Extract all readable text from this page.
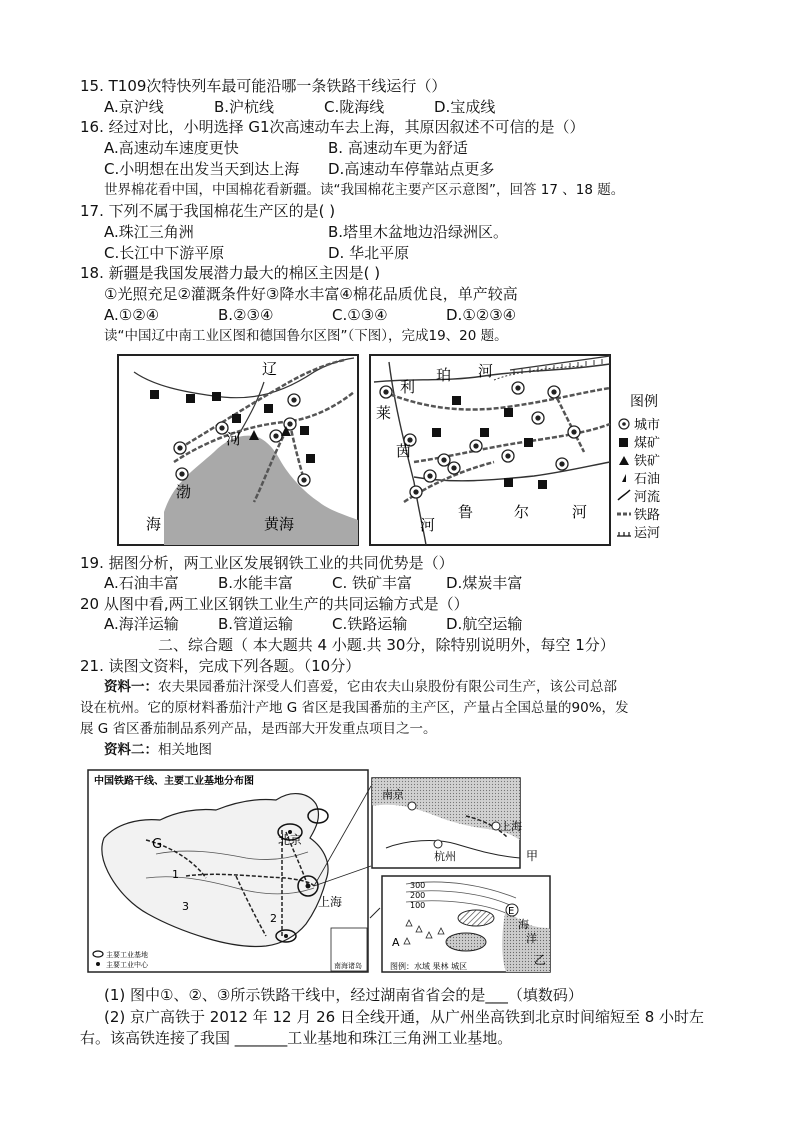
15. T109次特快列车最可能沿哪一条铁路干线运行（）
A.京沪线	B.沪杭线	C.陇海线	D.宝成线
16. 经过对比，小明选择 G1次高速动车去上海，其原因叙述不可信的是（）
A.高速动车速度更快	B. 高速动车更为舒适
C.小明想在出发当天到达上海 D.高速动车停靠站点更多
世界棉花看中国，中国棉花看新疆。读“我国棉花主要产区示意图”，回答 17 、18 题。
17. 下列不属于我国棉花生产区的是( )
A.珠江三角洲	B.塔里木盆地边沿绿洲区。
C.长江中下游平原	D. 华北平原
18. 新疆是我国发展潜力最大的棉区主因是( )
①光照充足②灌溉条件好③降水丰富④棉花品质优良，单产较高
A.①②④	B.②③④	C.①③④	D.①②③④
读“中国辽中南工业区图和德国鲁尔区图”（下图），完成19、20 题。
辽
河
渤
海	黄海
利
珀 河
莱
茵
河
鲁	尔	河
图例
城市
煤矿
铁矿
石油
河流
铁路
运河
19. 据图分析，两工业区发展钢铁工业的共同优势是（）
A.石油丰富	B.水能丰富	C. 铁矿丰富	D.煤炭丰富
20 从图中看,两工业区钢铁工业生产的共同运输方式是（）
A.海洋运输	B.管道运输	C.铁路运输	D.航空运输
二、综合题（ 本大题共 4 小题.共 30分，除特别说明外，每空 1分）
21. 读图文资料，完成下列各题。（10分）
资料一：农夫果园番茄汁深受人们喜爱，它由农夫山泉股份有限公司生产，该公司总部
设在杭州。它的原材料番茄汁产地 G 省区是我国番茄的主产区，产量占全国总量的90%，发
展 G 省区番茄制品系列产品，是西部大开发重点项目之一。
资料二：相关地图
中国铁路干线、主要工业基地分布图
G	北京
上海
1
2
3
主要工业基地
主要工业中心	南海诸岛
南京
上海
杭州	甲
300
200
100
E
海
洋
A
乙
图例：水域 果林 城区
(1) 图中①、②、③所示铁路干线中，经过湖南省省会的是___（填数码）
(2) 京广高铁于 2012 年 12 月 26 日全线开通，从广州坐高铁到北京时间缩短至 8 小时左
右。该高铁连接了我国 _______工业基地和珠江三角洲工业基地。
